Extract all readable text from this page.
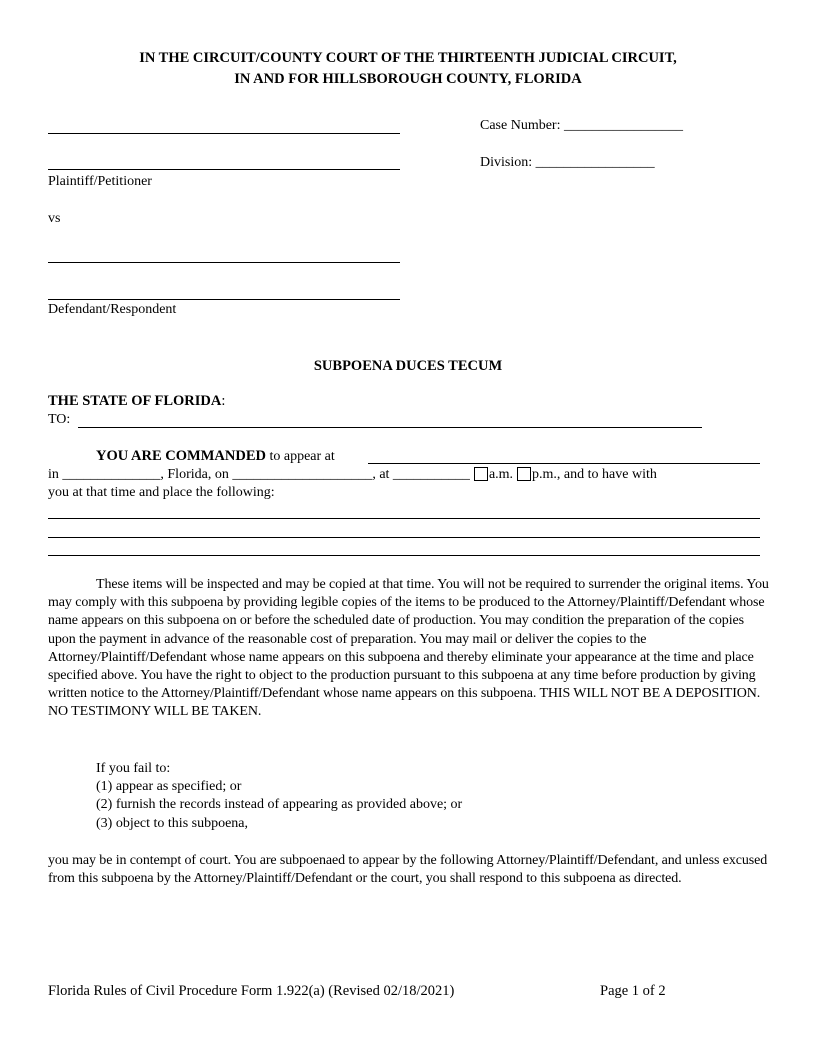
IN THE CIRCUIT/COUNTY COURT OF THE THIRTEENTH JUDICIAL CIRCUIT,
IN AND FOR HILLSBOROUGH COUNTY, FLORIDA
Plaintiff/Petitioner
vs
Defendant/Respondent
Case Number: _________________
Division: _________________
SUBPOENA DUCES TECUM
THE STATE OF FLORIDA:
TO:
YOU ARE COMMANDED to appear at
in ______________, Florida, on ____________________, at ___________ a.m. p.m., and to have with
you at that time and place the following:
These items will be inspected and may be copied at that time. You will not be required to surrender the original items. You may comply with this subpoena by providing legible copies of the items to be produced to the Attorney/Plaintiff/Defendant whose name appears on this subpoena on or before the scheduled date of production. You may condition the preparation of the copies upon the payment in advance of the reasonable cost of preparation. You may mail or deliver the copies to the Attorney/Plaintiff/Defendant whose name appears on this subpoena and thereby eliminate your appearance at the time and place specified above. You have the right to object to the production pursuant to this subpoena at any time before production by giving written notice to the Attorney/Plaintiff/Defendant whose name appears on this subpoena. THIS WILL NOT BE A DEPOSITION. NO TESTIMONY WILL BE TAKEN.
If you fail to:
(1) appear as specified; or
(2) furnish the records instead of appearing as provided above; or
(3) object to this subpoena,
you may be in contempt of court. You are subpoenaed to appear by the following Attorney/Plaintiff/Defendant, and unless excused from this subpoena by the Attorney/Plaintiff/Defendant or the court, you shall respond to this subpoena as directed.
Florida Rules of Civil Procedure Form 1.922(a) (Revised 02/18/2021)	Page 1 of 2
